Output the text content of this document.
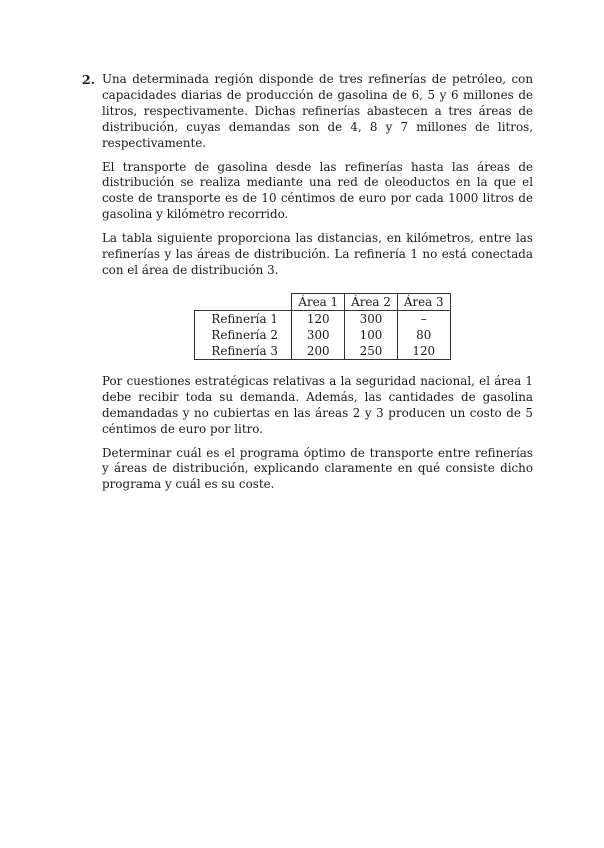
2. Una determinada región disponde de tres refinerías de petróleo, con capacidades diarias de producción de gasolina de 6, 5 y 6 millones de litros, respectivamente. Dichas refinerías abastecen a tres áreas de distribución, cuyas demandas son de 4, 8 y 7 millones de litros, respectivamente.

El transporte de gasolina desde las refinerías hasta las áreas de distribución se realiza mediante una red de oleoductos en la que el coste de transporte es de 10 céntimos de euro por cada 1000 litros de gasolina y kilómetro recorrido.

La tabla siguiente proporciona las distancias, en kilómetros, entre las refinerías y las áreas de distribución. La refinería 1 no está conectada con el área de distribución 3.

	Área 1	Área 2	Área 3
Refinería 1	120	300	–
Refinería 2	300	100	80
Refinería 3	200	250	120

Por cuestiones estratégicas relativas a la seguridad nacional, el área 1 debe recibir toda su demanda. Además, las cantidades de gasolina demandadas y no cubiertas en las áreas 2 y 3 producen un costo de 5 céntimos de euro por litro.

Determinar cuál es el programa óptimo de transporte entre refinerías y áreas de distribución, explicando claramente en qué consiste dicho programa y cuál es su coste.
